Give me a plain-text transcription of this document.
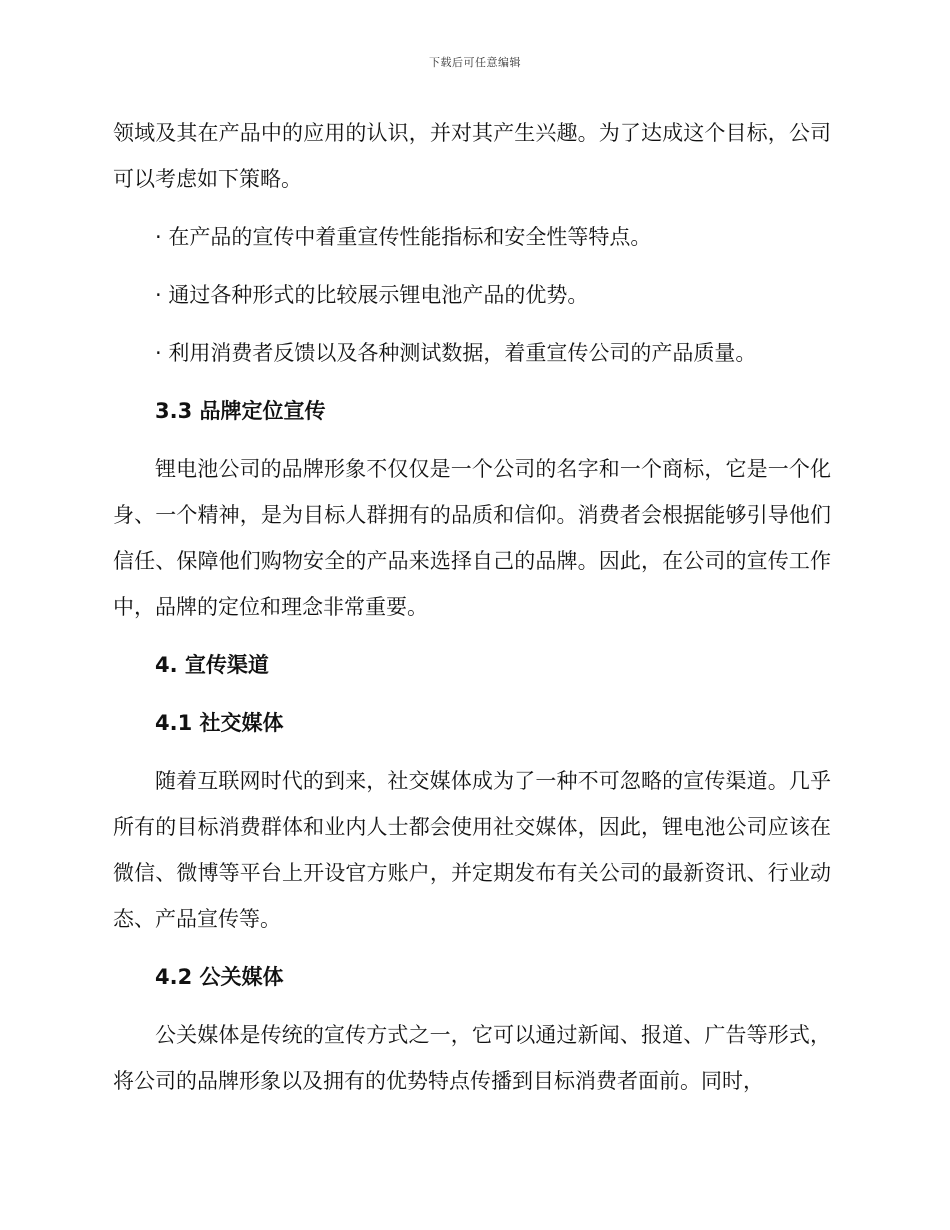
下载后可任意编辑

领域及其在产品中的应用的认识，并对其产生兴趣。为了达成这个目标，公司可以考虑如下策略。

· 在产品的宣传中着重宣传性能指标和安全性等特点。

· 通过各种形式的比较展示锂电池产品的优势。

· 利用消费者反馈以及各种测试数据，着重宣传公司的产品质量。

3.3 品牌定位宣传

锂电池公司的品牌形象不仅仅是一个公司的名字和一个商标，它是一个化身、一个精神，是为目标人群拥有的品质和信仰。消费者会根据能够引导他们信任、保障他们购物安全的产品来选择自己的品牌。因此，在公司的宣传工作中，品牌的定位和理念非常重要。

4. 宣传渠道

4.1 社交媒体

随着互联网时代的到来，社交媒体成为了一种不可忽略的宣传渠道。几乎所有的目标消费群体和业内人士都会使用社交媒体，因此，锂电池公司应该在微信、微博等平台上开设官方账户，并定期发布有关公司的最新资讯、行业动态、产品宣传等。

4.2 公关媒体

公关媒体是传统的宣传方式之一，它可以通过新闻、报道、广告等形式，将公司的品牌形象以及拥有的优势特点传播到目标消费者面前。同时，
